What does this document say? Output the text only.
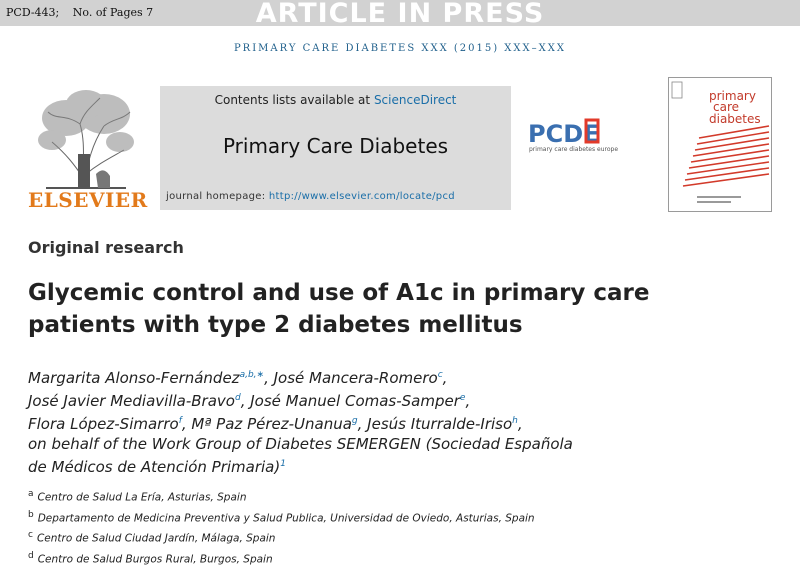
PCD-443; No. of Pages 7	ARTICLE IN PRESS
PRIMARY CARE DIABETES XXX (2015) XXX–XXX
ELSEVIER
Contents lists available at ScienceDirect
Primary Care Diabetes
journal homepage: http://www.elsevier.com/locate/pcd
PCDE
primary care diabetes europe
primary
care
diabetes
Original research
Glycemic control and use of A1c in primary care
patients with type 2 diabetes mellitus
Margarita Alonso-Fernández$^{a,b,∗}$, José Mancera-Romero$^c$,
José Javier Mediavilla-Bravo$^d$, José Manuel Comas-Samper$^e$,
Flora López-Simarro$^f$, Mª Paz Pérez-Unanua$^g$, Jesús Iturralde-Iriso$^h$,
on behalf of the Work Group of Diabetes SEMERGEN (Sociedad Española
de Médicos de Atención Primaria)$^1$
$^a$ Centro de Salud La Ería, Asturias, Spain
$^b$ Departamento de Medicina Preventiva y Salud Publica, Universidad de Oviedo, Asturias, Spain
$^c$ Centro de Salud Ciudad Jardín, Málaga, Spain
$^d$ Centro de Salud Burgos Rural, Burgos, Spain
